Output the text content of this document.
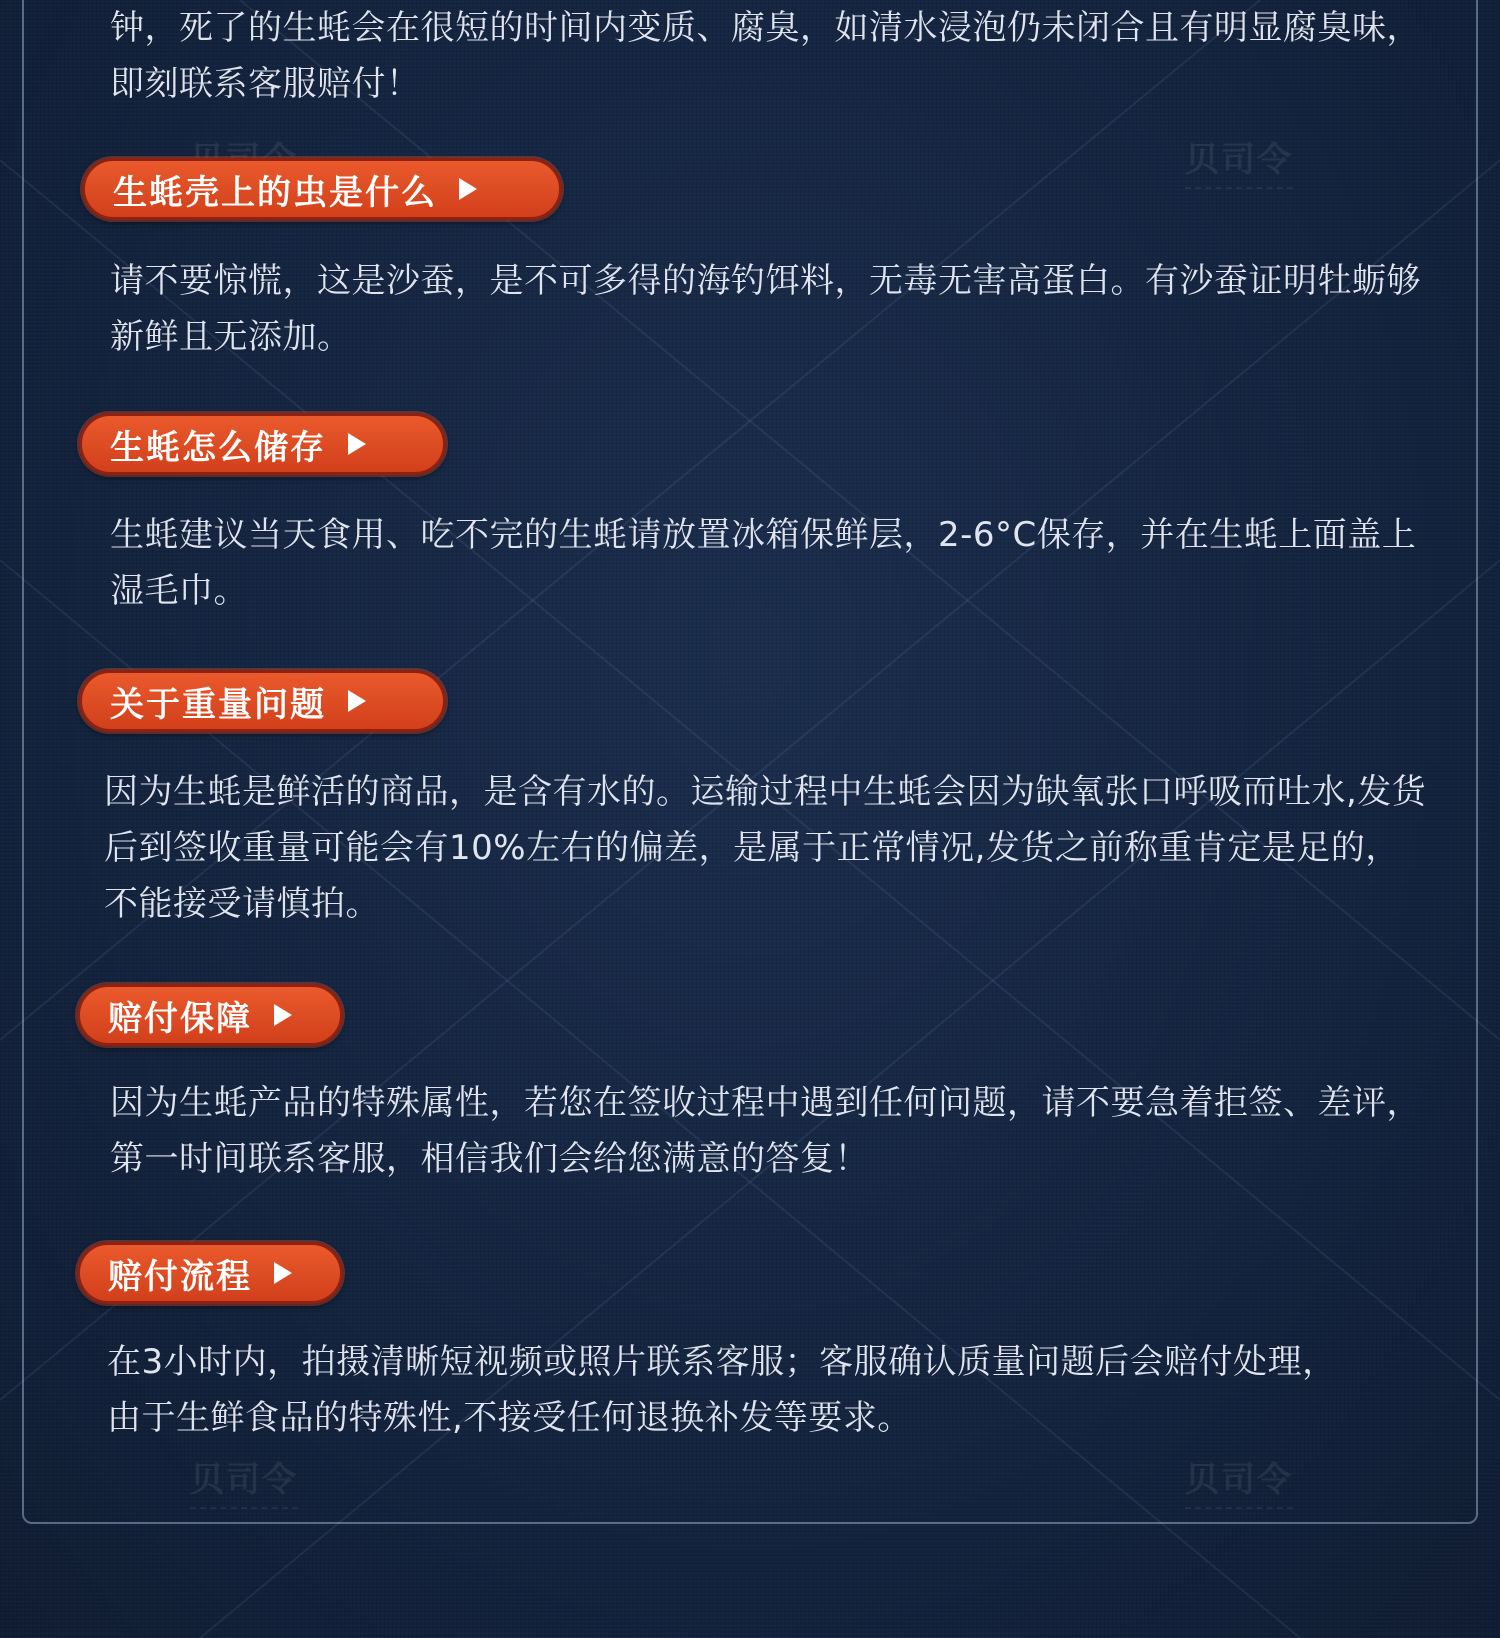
贝司令
贝司令	贝司令

钟，死了的生蚝会在很短的时间内变质、腐臭，如清水浸泡仍未闭合且有明显腐臭味，即刻联系客服赔付！

生蚝壳上的虫是什么

请不要惊慌，这是沙蚕，是不可多得的海钓饵料，无毒无害高蛋白。有沙蚕证明牡蛎够新鲜且无添加。

生蚝怎么储存

生蚝建议当天食用、吃不完的生蚝请放置冰箱保鲜层，2-6°C保存，并在生蚝上面盖上湿毛巾。

关于重量问题

因为生蚝是鲜活的商品，是含有水的。运输过程中生蚝会因为缺氧张口呼吸而吐水,发货后到签收重量可能会有10%左右的偏差，是属于正常情况,发货之前称重肯定是足的，不能接受请慎拍。

赔付保障

因为生蚝产品的特殊属性，若您在签收过程中遇到任何问题，请不要急着拒签、差评，第一时间联系客服，相信我们会给您满意的答复！

赔付流程

在3小时内，拍摄清晰短视频或照片联系客服；客服确认质量问题后会赔付处理，由于生鲜食品的特殊性,不接受任何退换补发等要求。
